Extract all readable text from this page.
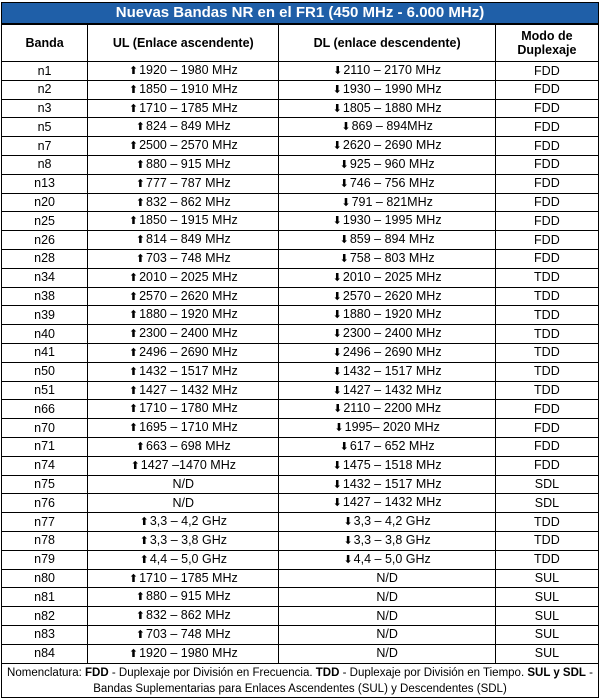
Nuevas Bandas NR en el FR1 (450 MHz - 6.000 MHz)
Banda	UL (Enlace ascendente)	DL (enlace descendente)	Modo de
Duplexaje
n1	⬆1920 – 1980 MHz	⬇2110 – 2170 MHz	FDD
n2	⬆1850 – 1910 MHz	⬇1930 – 1990 MHz	FDD
n3	⬆1710 – 1785 MHz	⬇1805 – 1880 MHz	FDD
n5	⬆824 – 849 MHz	⬇869 – 894MHz	FDD
n7	⬆2500 – 2570 MHz	⬇2620 – 2690 MHz	FDD
n8	⬆880 – 915 MHz	⬇925 – 960 MHz	FDD
n13	⬆777 – 787 MHz	⬇746 – 756 MHz	FDD
n20	⬆832 – 862 MHz	⬇791 – 821MHz	FDD
n25	⬆1850 – 1915 MHz	⬇1930 – 1995 MHz	FDD
n26	⬆814 – 849 MHz	⬇859 – 894 MHz	FDD
n28	⬆703 – 748 MHz	⬇758 – 803 MHz	FDD
n34	⬆2010 – 2025 MHz	⬇2010 – 2025 MHz	TDD
n38	⬆2570 – 2620 MHz	⬇2570 – 2620 MHz	TDD
n39	⬆1880 – 1920 MHz	⬇1880 – 1920 MHz	TDD
n40	⬆2300 – 2400 MHz	⬇2300 – 2400 MHz	TDD
n41	⬆2496 – 2690 MHz	⬇2496 – 2690 MHz	TDD
n50	⬆1432 – 1517 MHz	⬇1432 – 1517 MHz	TDD
n51	⬆1427 – 1432 MHz	⬇1427 – 1432 MHz	TDD
n66	⬆1710 – 1780 MHz	⬇2110 – 2200 MHz	FDD
n70	⬆1695 – 1710 MHz	⬇1995– 2020 MHz	FDD
n71	⬆663 – 698 MHz	⬇617 – 652 MHz	FDD
n74	⬆1427 –1470 MHz	⬇1475 – 1518 MHz	FDD
n75	N/D	⬇1432 – 1517 MHz	SDL
n76	N/D	⬇1427 – 1432 MHz	SDL
n77	⬆3,3 – 4,2 GHz	⬇3,3 – 4,2 GHz	TDD
n78	⬆3,3 – 3,8 GHz	⬇3,3 – 3,8 GHz	TDD
n79	⬆4,4 – 5,0 GHz	⬇4,4 – 5,0 GHz	TDD
n80	⬆1710 – 1785 MHz	N/D	SUL
n81	⬆880 – 915 MHz	N/D	SUL
n82	⬆832 – 862 MHz	N/D	SUL
n83	⬆703 – 748 MHz	N/D	SUL
n84	⬆1920 – 1980 MHz	N/D	SUL
Nomenclatura: FDD - Duplexaje por División en Frecuencia. TDD - Duplexaje por División en Tiempo. SUL y SDL - Bandas Suplementarias para Enlaces Ascendentes (SUL) y Descendentes (SDL)
